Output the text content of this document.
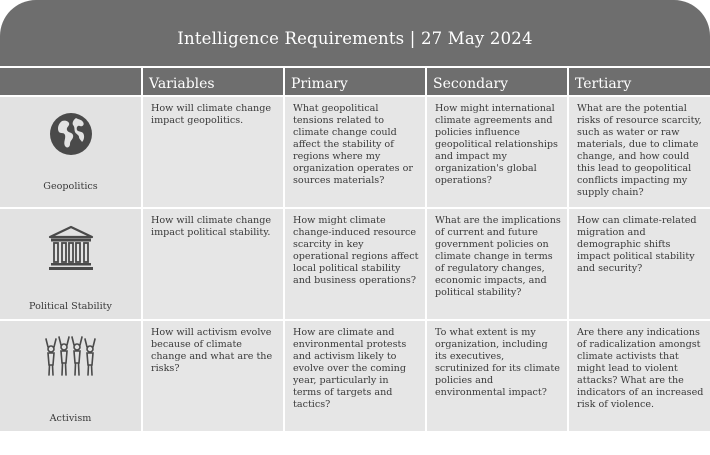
Intelligence Requirements | 27 May 2024
	Variables	Primary	Secondary	Tertiary

Geopolitics	How will climate change impact geopolitics.	What geopolitical tensions related to climate change could affect the stability of regions where my organization operates or sources materials?	How might international climate agreements and policies influence geopolitical relationships and impact my organization's global operations?	What are the potential risks of resource scarcity, such as water or raw materials, due to climate change, and how could this lead to geopolitical conflicts impacting my supply chain?

Political Stability	How will climate change impact political stability.	How might climate change-induced resource scarcity in key operational regions affect local political stability and business operations?	What are the implications of current and future government policies on climate change in terms of regulatory changes, economic impacts, and political stability?	How can climate-related migration and demographic shifts impact political stability and security?

Activism	How will activism evolve because of climate change and what are the risks?	How are climate and environmental protests and activism likely to evolve over the coming year, particularly in terms of targets and tactics?	To what extent is my organization, including its executives, scrutinized for its climate policies and environmental impact?	Are there any indications of radicalization amongst climate activists that might lead to violent attacks? What are the indicators of an increased risk of violence.
